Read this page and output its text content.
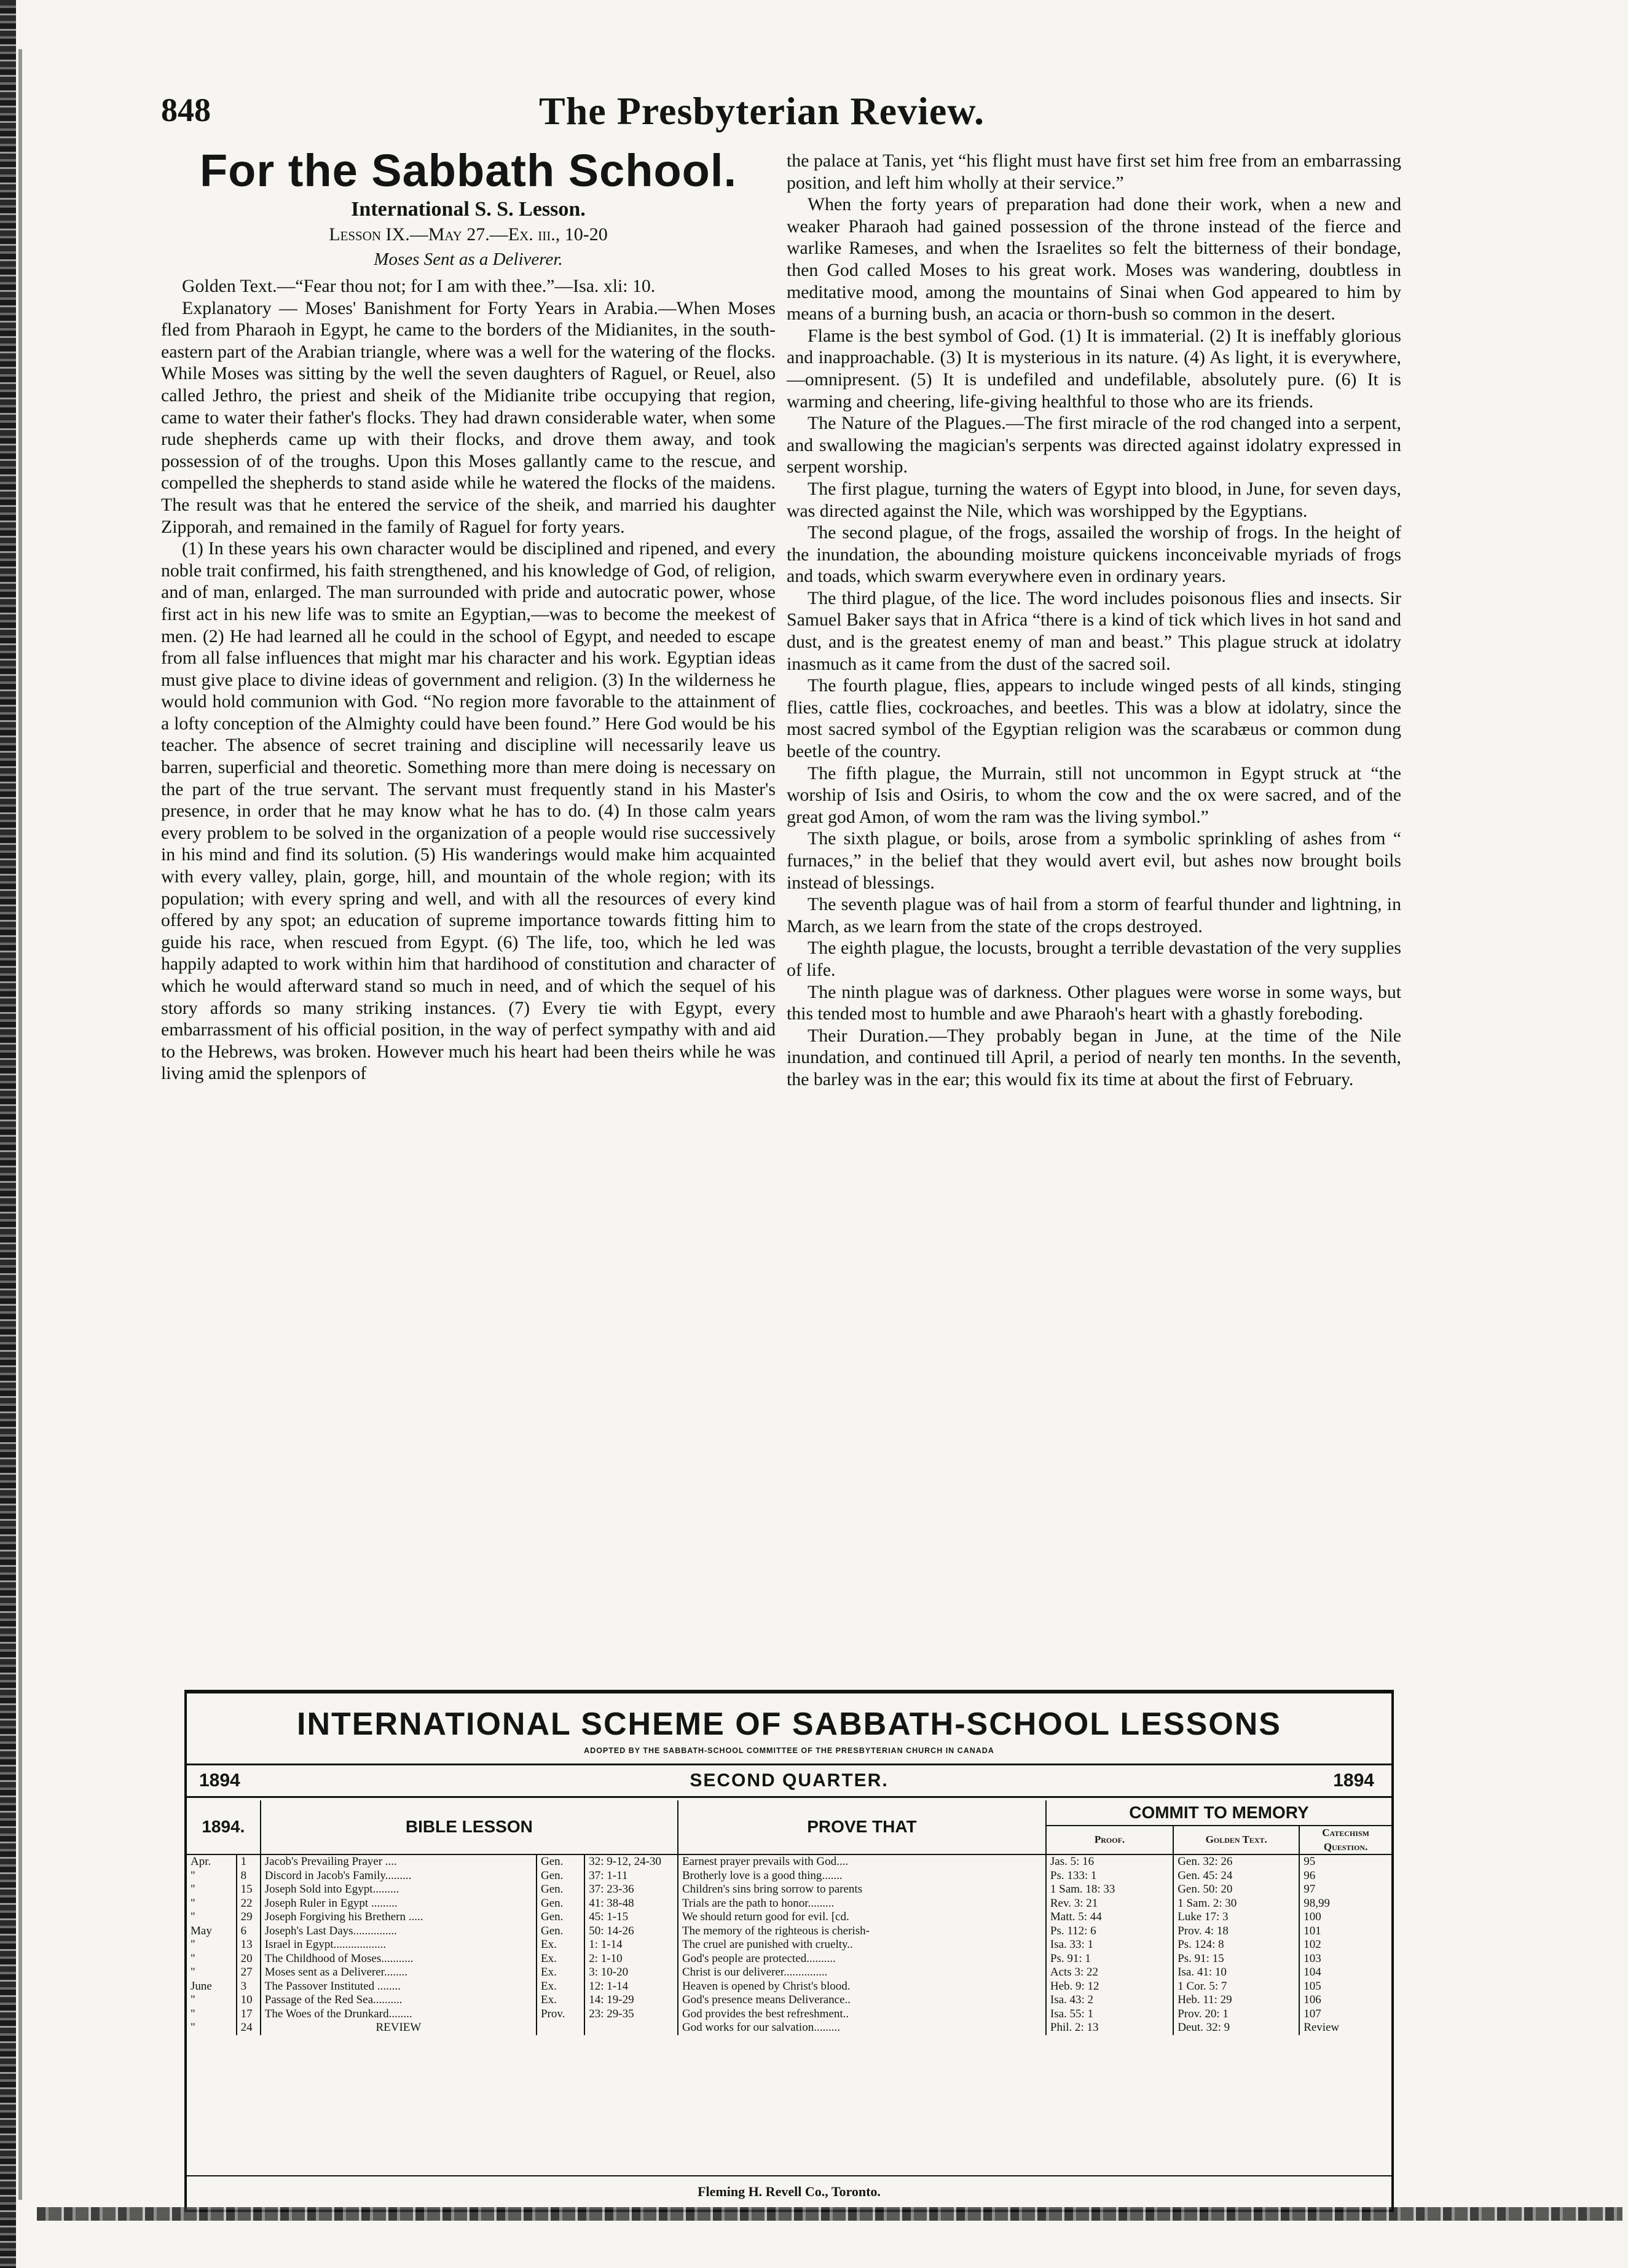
848	The Presbyterian Review.
For the Sabbath School.
International S. S. Lesson.
Lesson IX.—May 27.—Ex. iii., 10-20
Moses Sent as a Deliverer.

Golden Text.—“Fear thou not; for I am with thee.”—Isa. xli: 10.

Explanatory — Moses' Banishment for Forty Years in Arabia.—When Moses fled from Pharaoh in Egypt, he came to the borders of the Midianites, in the south-eastern part of the Arabian triangle, where was a well for the watering of the flocks. While Moses was sitting by the well the seven daughters of Raguel, or Reuel, also called Jethro, the priest and sheik of the Midianite tribe occupying that region, came to water their father's flocks. They had drawn considerable water, when some rude shepherds came up with their flocks, and drove them away, and took possession of of the troughs. Upon this Moses gallantly came to the rescue, and compelled the shepherds to stand aside while he watered the flocks of the maidens. The result was that he entered the service of the sheik, and married his daughter Zipporah, and remained in the family of Raguel for forty years.

(1) In these years his own character would be disciplined and ripened, and every noble trait confirmed, his faith strengthened, and his knowledge of God, of religion, and of man, enlarged. The man surrounded with pride and autocratic power, whose first act in his new life was to smite an Egyptian,—was to become the meekest of men. (2) He had learned all he could in the school of Egypt, and needed to escape from all false influences that might mar his character and his work. Egyptian ideas must give place to divine ideas of government and religion. (3) In the wilderness he would hold communion with God. “No region more favorable to the attainment of a lofty conception of the Almighty could have been found.” Here God would be his teacher. The absence of secret training and discipline will necessarily leave us barren, superficial and theoretic. Something more than mere doing is necessary on the part of the true servant. The servant must frequently stand in his Master's presence, in order that he may know what he has to do. (4) In those calm years every problem to be solved in the organization of a people would rise successively in his mind and find its solution. (5) His wanderings would make him acquainted with every valley, plain, gorge, hill, and mountain of the whole region; with its population; with every spring and well, and with all the resources of every kind offered by any spot; an education of supreme importance towards fitting him to guide his race, when rescued from Egypt. (6) The life, too, which he led was happily adapted to work within him that hardihood of constitution and character of which he would afterward stand so much in need, and of which the sequel of his story affords so many striking instances. (7) Every tie with Egypt, every embarrassment of his official position, in the way of perfect sympathy with and aid to the Hebrews, was broken. However much his heart had been theirs while he was living amid the splenpors of

the palace at Tanis, yet “his flight must have first set him free from an embarrassing position, and left him wholly at their service.”

When the forty years of preparation had done their work, when a new and weaker Pharaoh had gained possession of the throne instead of the fierce and warlike Rameses, and when the Israelites so felt the bitterness of their bondage, then God called Moses to his great work. Moses was wandering, doubtless in meditative mood, among the mountains of Sinai when God appeared to him by means of a burning bush, an acacia or thorn-bush so common in the desert.

Flame is the best symbol of God. (1) It is immaterial. (2) It is ineffably glorious and inapproachable. (3) It is mysterious in its nature. (4) As light, it is everywhere,—omnipresent. (5) It is undefiled and undefilable, absolutely pure. (6) It is warming and cheering, life-giving healthful to those who are its friends.

The Nature of the Plagues.—The first miracle of the rod changed into a serpent, and swallowing the magician's serpents was directed against idolatry expressed in serpent worship.

The first plague, turning the waters of Egypt into blood, in June, for seven days, was directed against the Nile, which was worshipped by the Egyptians.

The second plague, of the frogs, assailed the worship of frogs. In the height of the inundation, the abounding moisture quickens inconceivable myriads of frogs and toads, which swarm everywhere even in ordinary years.

The third plague, of the lice. The word includes poisonous flies and insects. Sir Samuel Baker says that in Africa “there is a kind of tick which lives in hot sand and dust, and is the greatest enemy of man and beast.” This plague struck at idolatry inasmuch as it came from the dust of the sacred soil.

The fourth plague, flies, appears to include winged pests of all kinds, stinging flies, cattle flies, cockroaches, and beetles. This was a blow at idolatry, since the most sacred symbol of the Egyptian religion was the scarabæus or common dung beetle of the country.

The fifth plague, the Murrain, still not uncommon in Egypt struck at “the worship of Isis and Osiris, to whom the cow and the ox were sacred, and of the great god Amon, of wom the ram was the living symbol.”

The sixth plague, or boils, arose from a symbolic sprinkling of ashes from “ furnaces,” in the belief that they would avert evil, but ashes now brought boils instead of blessings.

The seventh plague was of hail from a storm of fearful thunder and lightning, in March, as we learn from the state of the crops destroyed.

The eighth plague, the locusts, brought a terrible devastation of the very supplies of life.

The ninth plague was of darkness. Other plagues were worse in some ways, but this tended most to humble and awe Pharaoh's heart with a ghastly foreboding.

Their Duration.—They probably began in June, at the time of the Nile inundation, and continued till April, a period of nearly ten months. In the seventh, the barley was in the ear; this would fix its time at about the first of February.

INTERNATIONAL SCHEME OF SABBATH-SCHOOL LESSONS
ADOPTED BY THE SABBATH-SCHOOL COMMITTEE OF THE PRESBYTERIAN CHURCH IN CANADA
1894	SECOND QUARTER.	1894
1894.		BIBLE LESSON			PROVE THAT	COMMIT TO MEMORY		
						Proof.	Golden Text.	Catechism
Question.
Apr.	1	Jacob's Prevailing Prayer ....	Gen.	32: 9-12, 24-30	Earnest prayer prevails with God....	Jas. 5: 16	Gen. 32: 26	95
"	8	Discord in Jacob's Family.........	Gen.	37: 1-11	Brotherly love is a good thing.......	Ps. 133: 1	Gen. 45: 24	96
"	15	Joseph Sold into Egypt.........	Gen.	37: 23-36	Children's sins bring sorrow to parents	1 Sam. 18: 33	Gen. 50: 20	97
"	22	Joseph Ruler in Egypt .........	Gen.	41: 38-48	Trials are the path to honor.........	Rev. 3: 21	1 Sam. 2: 30	98,99
"	29	Joseph Forgiving his Brethern .....	Gen.	45: 1-15	We should return good for evil. [cd.	Matt. 5: 44	Luke 17: 3	100
May	6	Joseph's Last Days...............	Gen.	50: 14-26	The memory of the righteous is cherish-	Ps. 112: 6	Prov. 4: 18	101
"	13	Israel in Egypt..................	Ex.	1: 1-14	The cruel are punished with cruelty..	Isa. 33: 1	Ps. 124: 8	102
"	20	The Childhood of Moses...........	Ex.	2: 1-10	God's people are protected..........	Ps. 91: 1	Ps. 91: 15	103
"	27	Moses sent as a Deliverer........	Ex.	3: 10-20	Christ is our deliverer...............	Acts 3: 22	Isa. 41: 10	104
June	3	The Passover Instituted ........	Ex.	12: 1-14	Heaven is opened by Christ's blood.	Heb. 9: 12	1 Cor. 5: 7	105
"	10	Passage of the Red Sea..........	Ex.	14: 19-29	God's presence means Deliverance..	Isa. 43: 2	Heb. 11: 29	106
"	17	The Woes of the Drunkard........	Prov.	23: 29-35	God provides the best refreshment..	Isa. 55: 1	Prov. 20: 1	107
"	24	REVIEW			God works for our salvation.........	Phil. 2: 13	Deut. 32: 9	Review
Fleming H. Revell Co., Toronto.
